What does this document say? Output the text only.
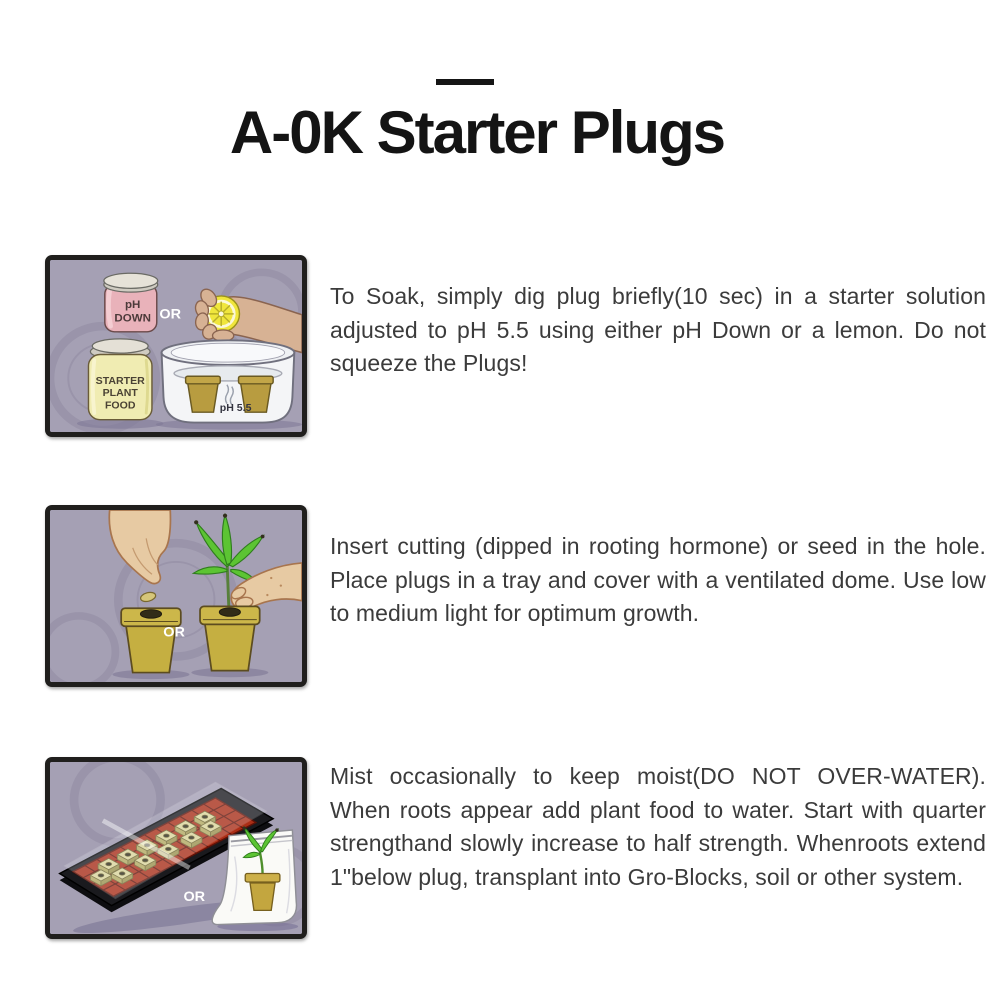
A-0K Starter Plugs
pH
DOWN OR
pH 5.5
STARTER
PLANT
FOOD

To Soak, simply dig plug briefly(10 sec) in a starter solution adjusted to pH 5.5 using either pH Down or a lemon. Do not squeeze the Plugs!

OR

Insert cutting (dipped in rooting hormone) or seed in the hole. Place plugs in a tray and cover with a ventilated dome. Use low to medium light for optimum growth.

OR

Mist occasionally to keep moist(DO NOT OVER-WATER). When roots appear add plant food to water. Start with quarter strengthand slowly increase to half strength. Whenroots extend 1"below plug, transplant into Gro-Blocks, soil or other system.
